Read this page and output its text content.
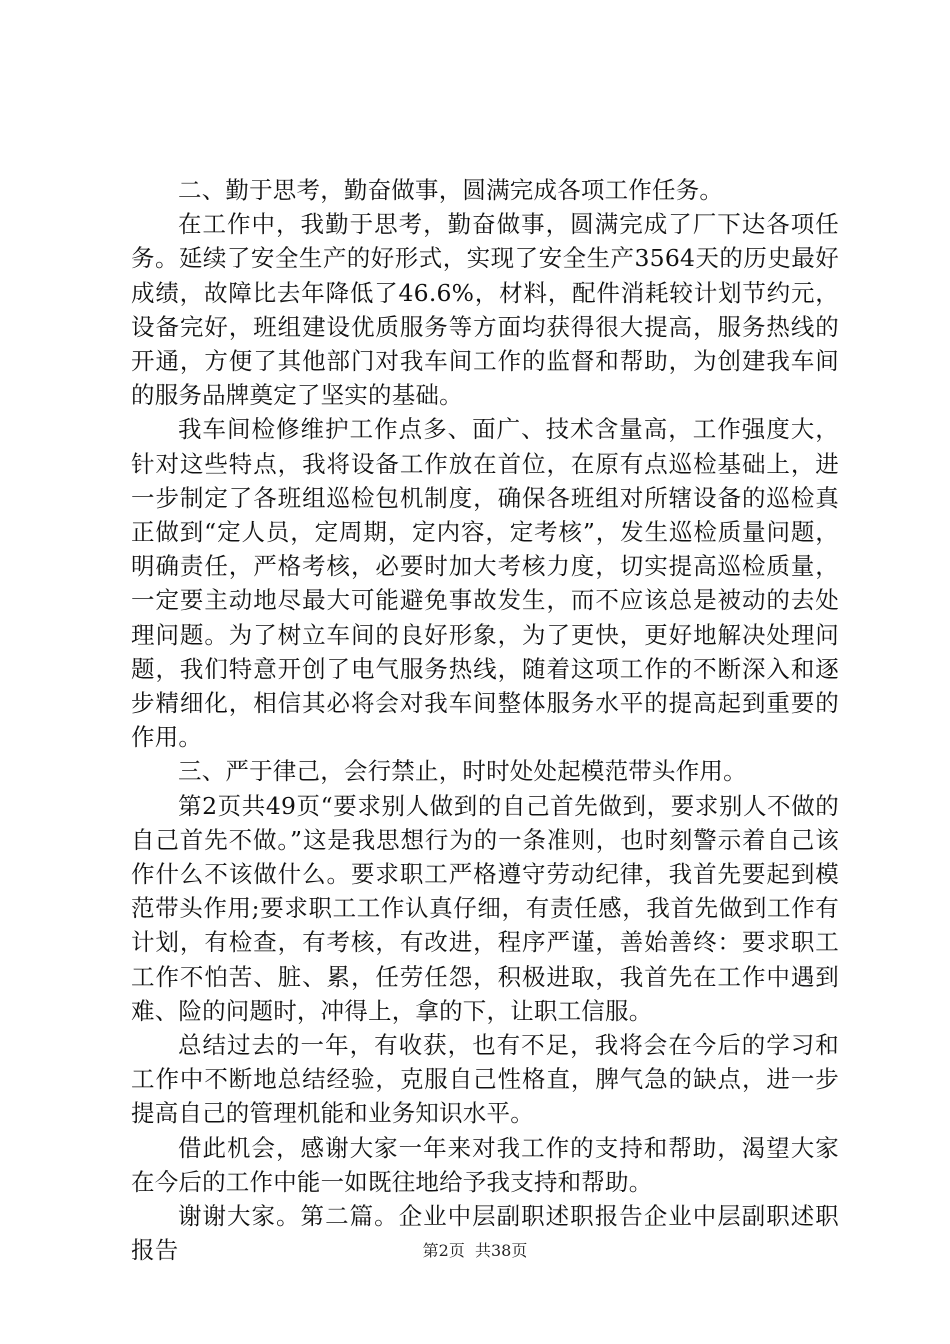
二、勤于思考，勤奋做事，圆满完成各项工作任务。

在工作中，我勤于思考，勤奋做事，圆满完成了厂下达各项任务。延续了安全生产的好形式，实现了安全生产3564天的历史最好成绩，故障比去年降低了46.6%，材料，配件消耗较计划节约元，设备完好，班组建设优质服务等方面均获得很大提高，服务热线的开通，方便了其他部门对我车间工作的监督和帮助，为创建我车间的服务品牌奠定了坚实的基础。

我车间检修维护工作点多、面广、技术含量高，工作强度大，针对这些特点，我将设备工作放在首位，在原有点巡检基础上，进一步制定了各班组巡检包机制度，确保各班组对所辖设备的巡检真正做到“定人员，定周期，定内容，定考核”，发生巡检质量问题，明确责任，严格考核，必要时加大考核力度，切实提高巡检质量，一定要主动地尽最大可能避免事故发生，而不应该总是被动的去处理问题。为了树立车间的良好形象，为了更快，更好地解决处理问题，我们特意开创了电气服务热线，随着这项工作的不断深入和逐步精细化，相信其必将会对我车间整体服务水平的提高起到重要的作用。

三、严于律己，会行禁止，时时处处起模范带头作用。

第2页共49页“要求别人做到的自己首先做到，要求别人不做的自己首先不做。”这是我思想行为的一条准则，也时刻警示着自己该作什么不该做什么。要求职工严格遵守劳动纪律，我首先要起到模范带头作用;要求职工工作认真仔细，有责任感，我首先做到工作有计划，有检查，有考核，有改进，程序严谨，善始善终：要求职工工作不怕苦、脏、累，任劳任怨，积极进取，我首先在工作中遇到难、险的问题时，冲得上，拿的下，让职工信服。

总结过去的一年，有收获，也有不足，我将会在今后的学习和工作中不断地总结经验，克服自己性格直，脾气急的缺点，进一步提高自己的管理机能和业务知识水平。

借此机会，感谢大家一年来对我工作的支持和帮助，渴望大家在今后的工作中能一如既往地给予我支持和帮助。

谢谢大家。第二篇。企业中层副职述职报告企业中层副职述职报告	第2页  共38页
